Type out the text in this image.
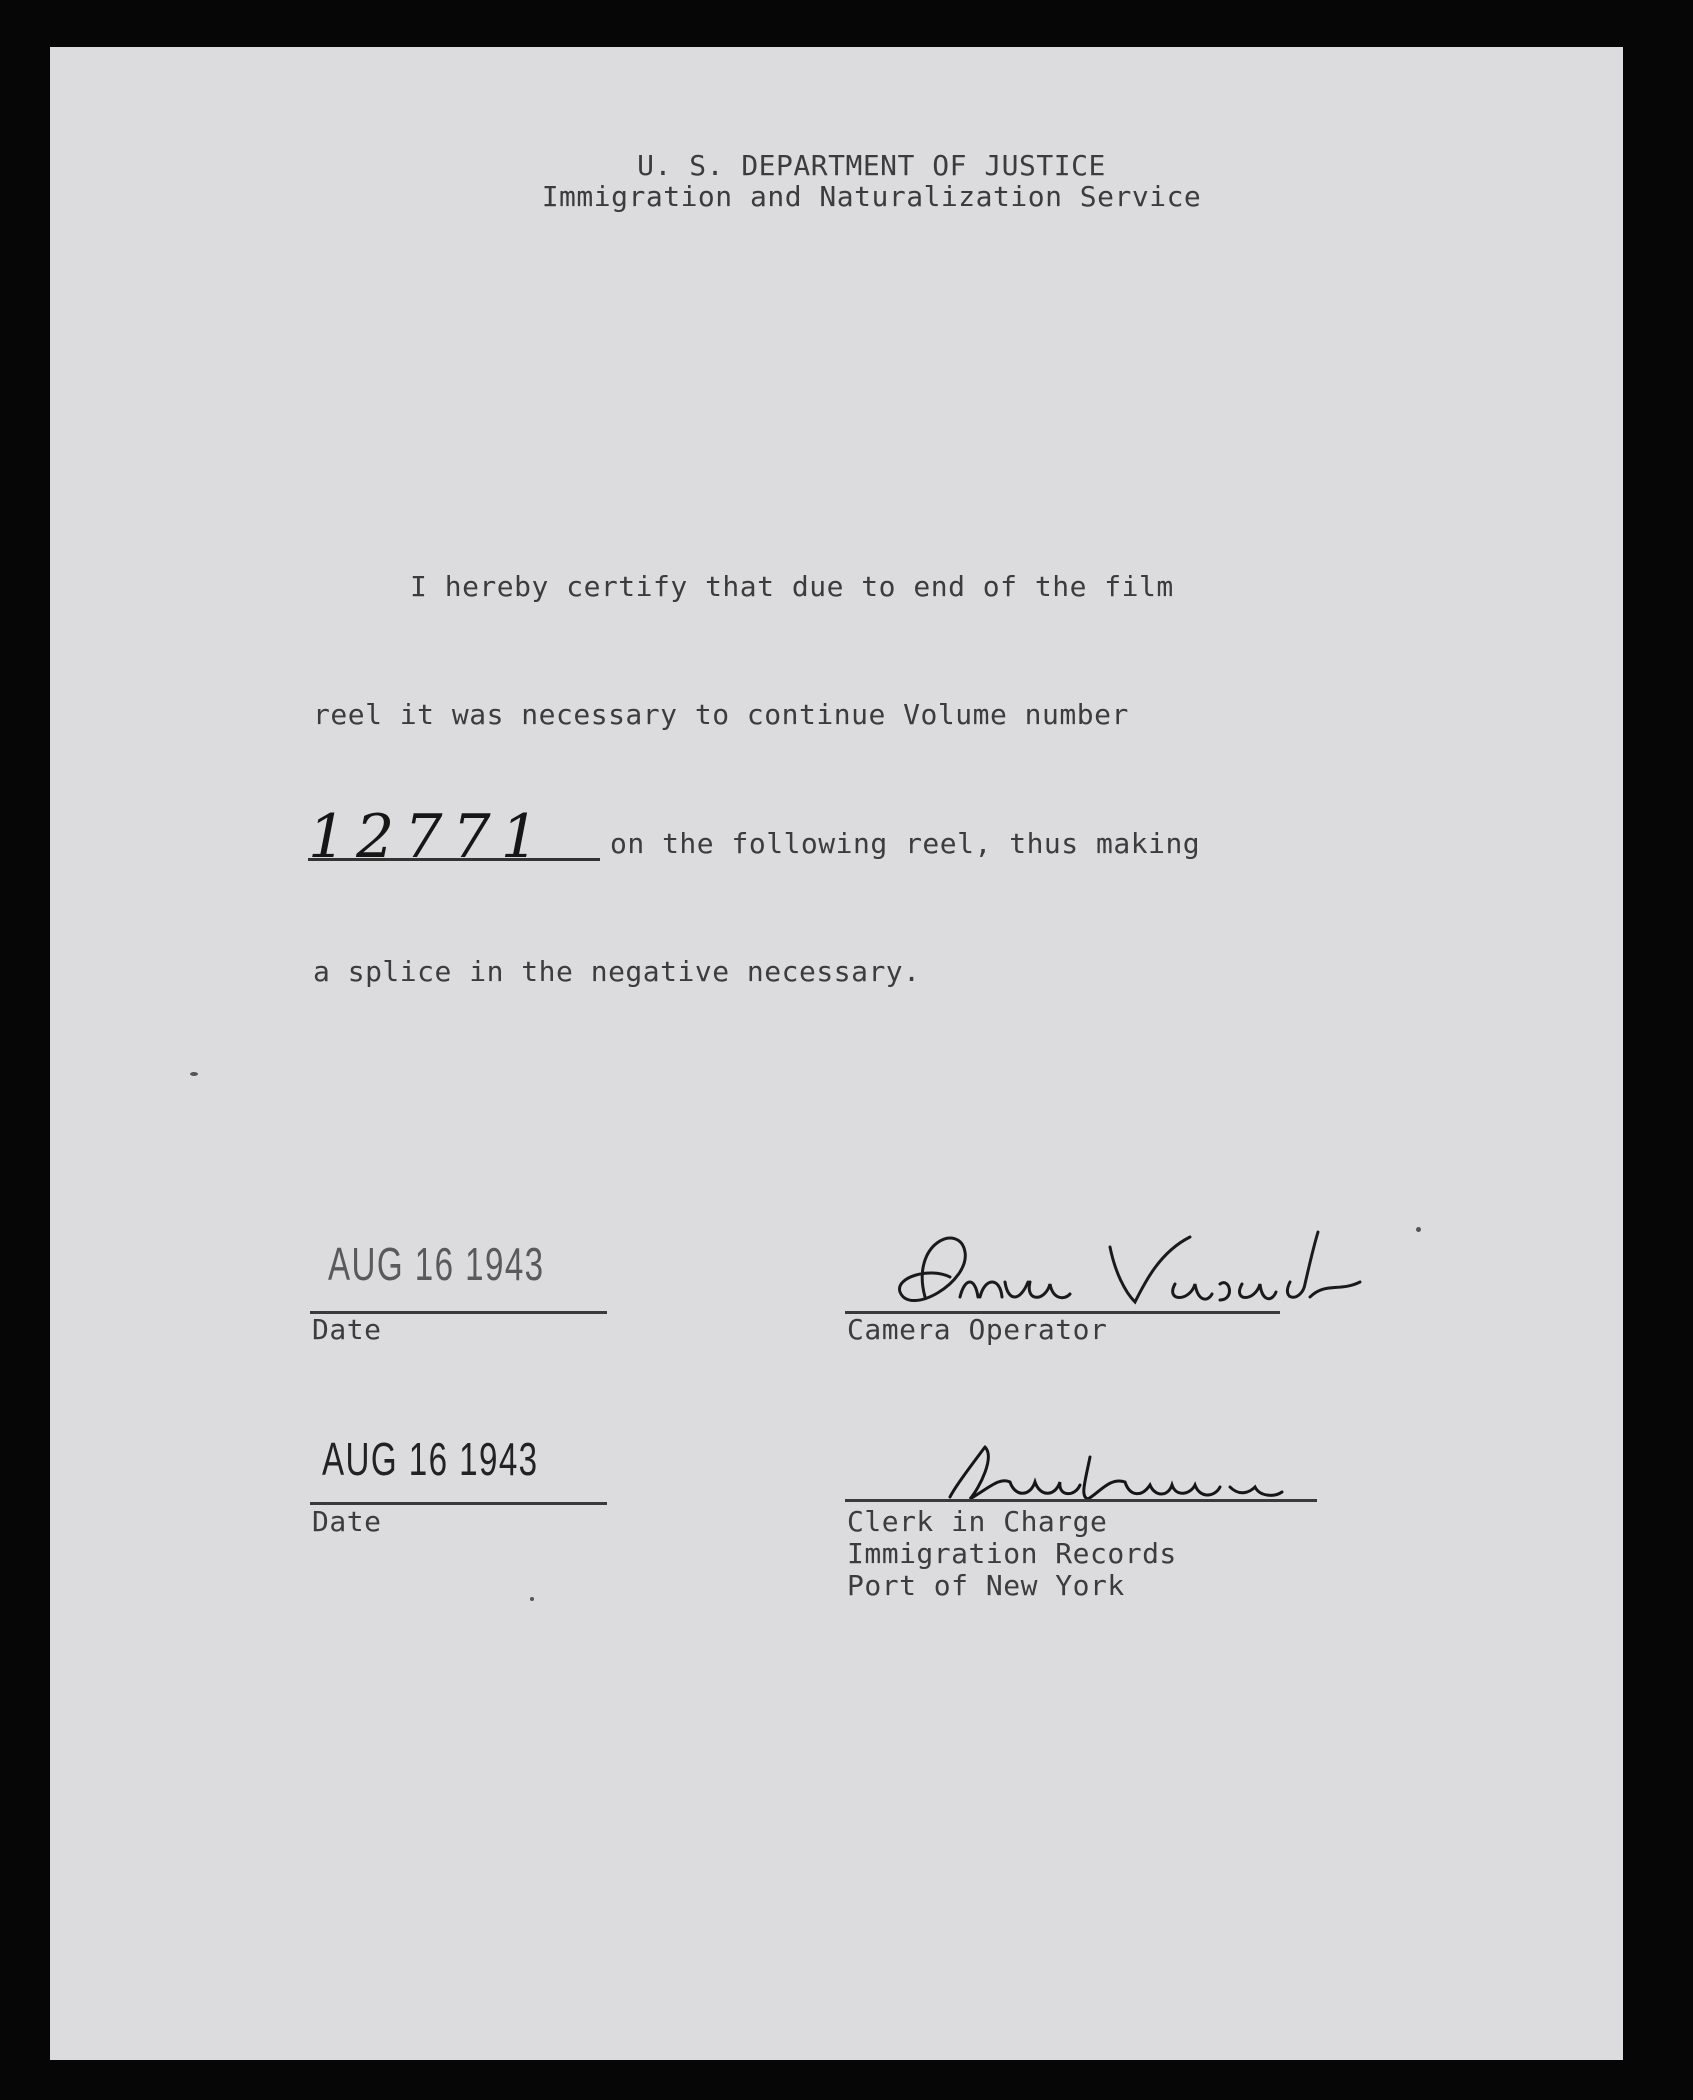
U. S. DEPARTMENT OF JUSTICE
Immigration and Naturalization Service
I hereby certify that due to end of the film
reel it was necessary to continue Volume number
12771 on the following reel, thus making
a splice in the negative necessary.
AUG 16 1943
Date	Camera Operator
AUG 16 1943
Date	Clerk in Charge
Immigration Records
Port of New York
